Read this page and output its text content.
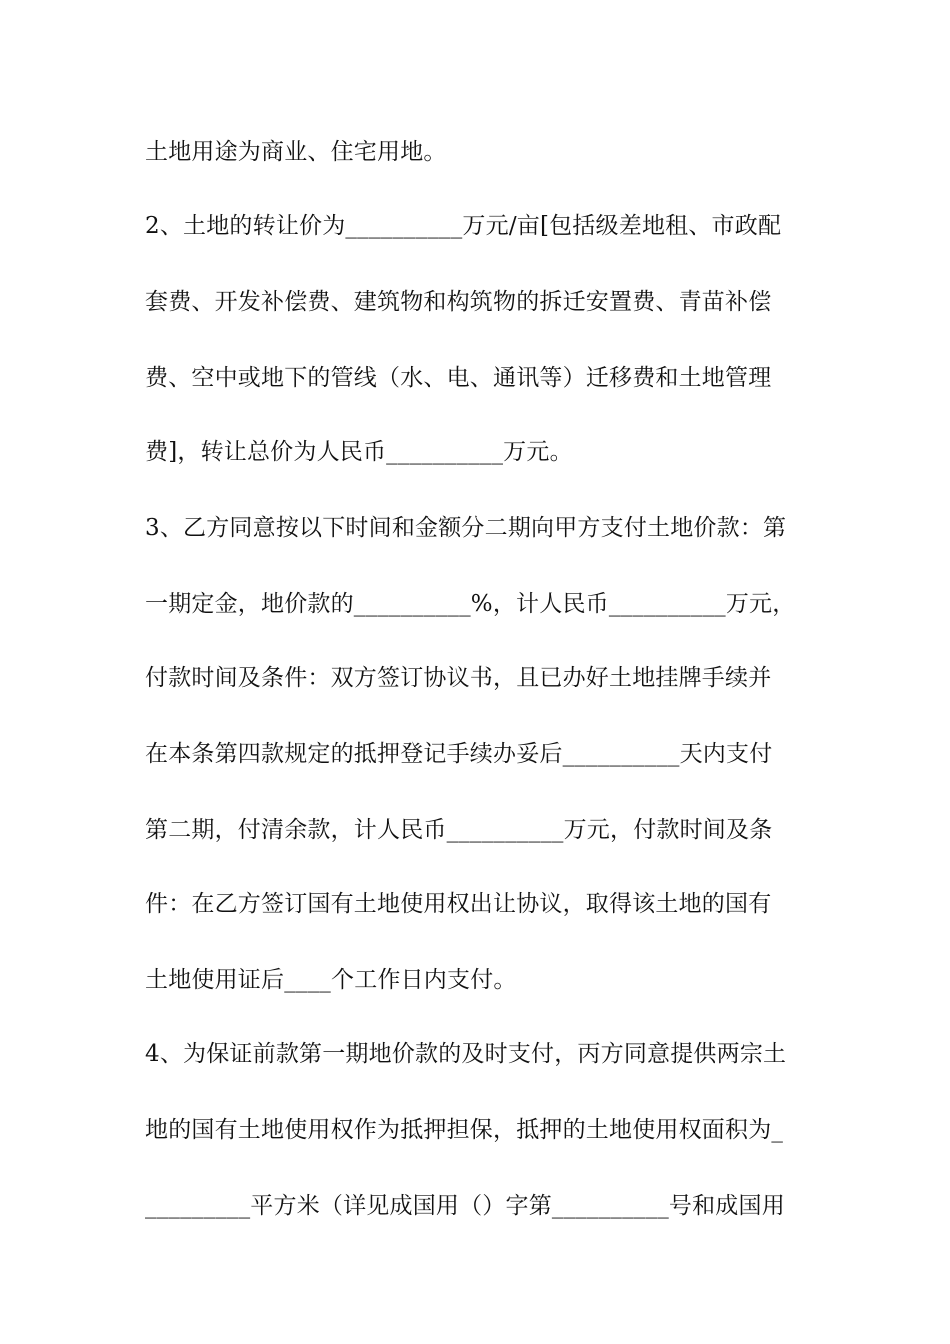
土地用途为商业、住宅用地。
2、土地的转让价为__________万元/亩[包括级差地租、市政配
套费、开发补偿费、建筑物和构筑物的拆迁安置费、青苗补偿
费、空中或地下的管线（水、电、通讯等）迁移费和土地管理
费]，转让总价为人民币__________万元。
3、乙方同意按以下时间和金额分二期向甲方支付土地价款：第
一期定金，地价款的__________%，计人民币__________万元，
付款时间及条件：双方签订协议书，且已办好土地挂牌手续并
在本条第四款规定的抵押登记手续办妥后__________天内支付
第二期，付清余款，计人民币__________万元，付款时间及条
件：在乙方签订国有土地使用权出让协议，取得该土地的国有
土地使用证后____个工作日内支付。
4、为保证前款第一期地价款的及时支付，丙方同意提供两宗土
地的国有土地使用权作为抵押担保，抵押的土地使用权面积为_
_________平方米（详见成国用（）字第__________号和成国用
